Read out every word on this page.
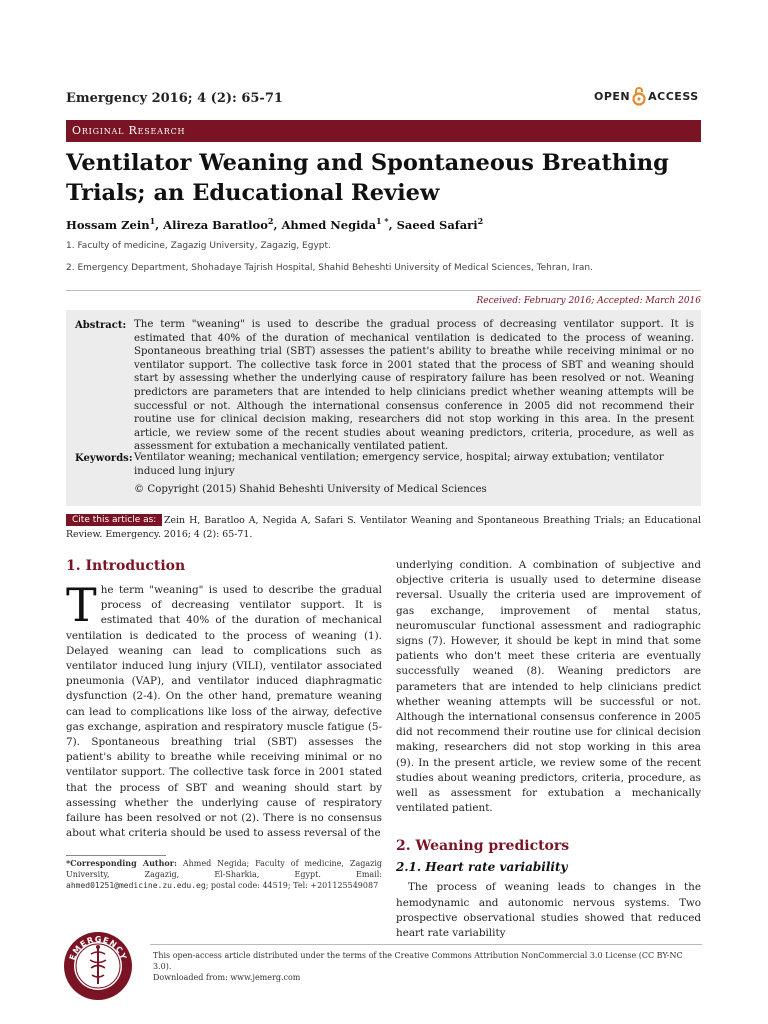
Emergency 2016; 4 (2): 65-71	OPEN ACCESS
Original Research
Ventilator Weaning and Spontaneous Breathing Trials; an Educational Review
Hossam Zein$^1$, Alireza Baratloo$^2$, Ahmed Negida$^{1 *}$, Saeed Safari$^2$
1. Faculty of medicine, Zagazig University, Zagazig, Egypt.
2. Emergency Department, Shohadaye Tajrish Hospital, Shahid Beheshti University of Medical Sciences, Tehran, Iran.
Received: February 2016; Accepted: March 2016
Abstract: The term "weaning" is used to describe the gradual process of decreasing ventilator support. It is estimated that 40% of the duration of mechanical ventilation is dedicated to the process of weaning. Spontaneous breathing trial (SBT) assesses the patient's ability to breathe while receiving minimal or no ventilator support. The collective task force in 2001 stated that the process of SBT and weaning should start by assessing whether the underlying cause of respiratory failure has been resolved or not. Weaning predictors are parameters that are intended to help clinicians predict whether weaning attempts will be successful or not. Although the international consensus conference in 2005 did not recommend their routine use for clinical decision making, researchers did not stop working in this area. In the present article, we review some of the recent studies about weaning predictors, criteria, procedure, as well as assessment for extubation a mechanically ventilated patient.
Keywords: Ventilator weaning; mechanical ventilation; emergency service, hospital; airway extubation; ventilator induced lung injury
© Copyright (2015) Shahid Beheshti University of Medical Sciences
Zein H, Baratloo A, Negida A, Safari S. Ventilator Weaning and Spontaneous Breathing Trials; an Educational Review. Emergency. 2016; 4 (2): 65-71.
Cite this article as:
1. Introduction
The term "weaning" is used to describe the gradual process of decreasing ventilator support. It is estimated that 40% of the duration of mechanical ventilation is dedicated to the process of weaning (1). Delayed weaning can lead to complications such as ventilator induced lung injury (VILI), ventilator associated pneumonia (VAP), and ventilator induced diaphragmatic dysfunction (2-4). On the other hand, premature weaning can lead to complications like loss of the airway, defective gas exchange, aspiration and respiratory muscle fatigue (5-7). Spontaneous breathing trial (SBT) assesses the patient's ability to breathe while receiving minimal or no ventilator support. The collective task force in 2001 stated that the process of SBT and weaning should start by assessing whether the underlying cause of respiratory failure has been resolved or not (2). There is no consensus about what criteria should be used to assess reversal of the
underlying condition. A combination of subjective and objective criteria is usually used to determine disease reversal. Usually the criteria used are improvement of gas exchange, improvement of mental status, neuromuscular functional assessment and radiographic signs (7). However, it should be kept in mind that some patients who don't meet these criteria are eventually successfully weaned (8). Weaning predictors are parameters that are intended to help clinicians predict whether weaning attempts will be successful or not. Although the international consensus conference in 2005 did not recommend their routine use for clinical decision making, researchers did not stop working in this area (9). In the present article, we review some of the recent studies about weaning predictors, criteria, procedure, as well as assessment for extubation a mechanically ventilated patient.
2. Weaning predictors
2.1. Heart rate variability
The process of weaning leads to changes in the hemodynamic and autonomic nervous systems. Two prospective observational studies showed that reduced heart rate variability
*Corresponding Author: Ahmed Negida; Faculty of medicine, Zagazig University, Zagazig, El-Sharkia, Egypt. Email: ahmed01251@medicine.zu.edu.eg; postal code: 44519; Tel: +201125549087
EMERGENCY	This open-access article distributed under the terms of the Creative Commons Attribution NonCommercial 3.0 License (CC BY-NC 3.0).
Downloaded from: www.jemerg.com
